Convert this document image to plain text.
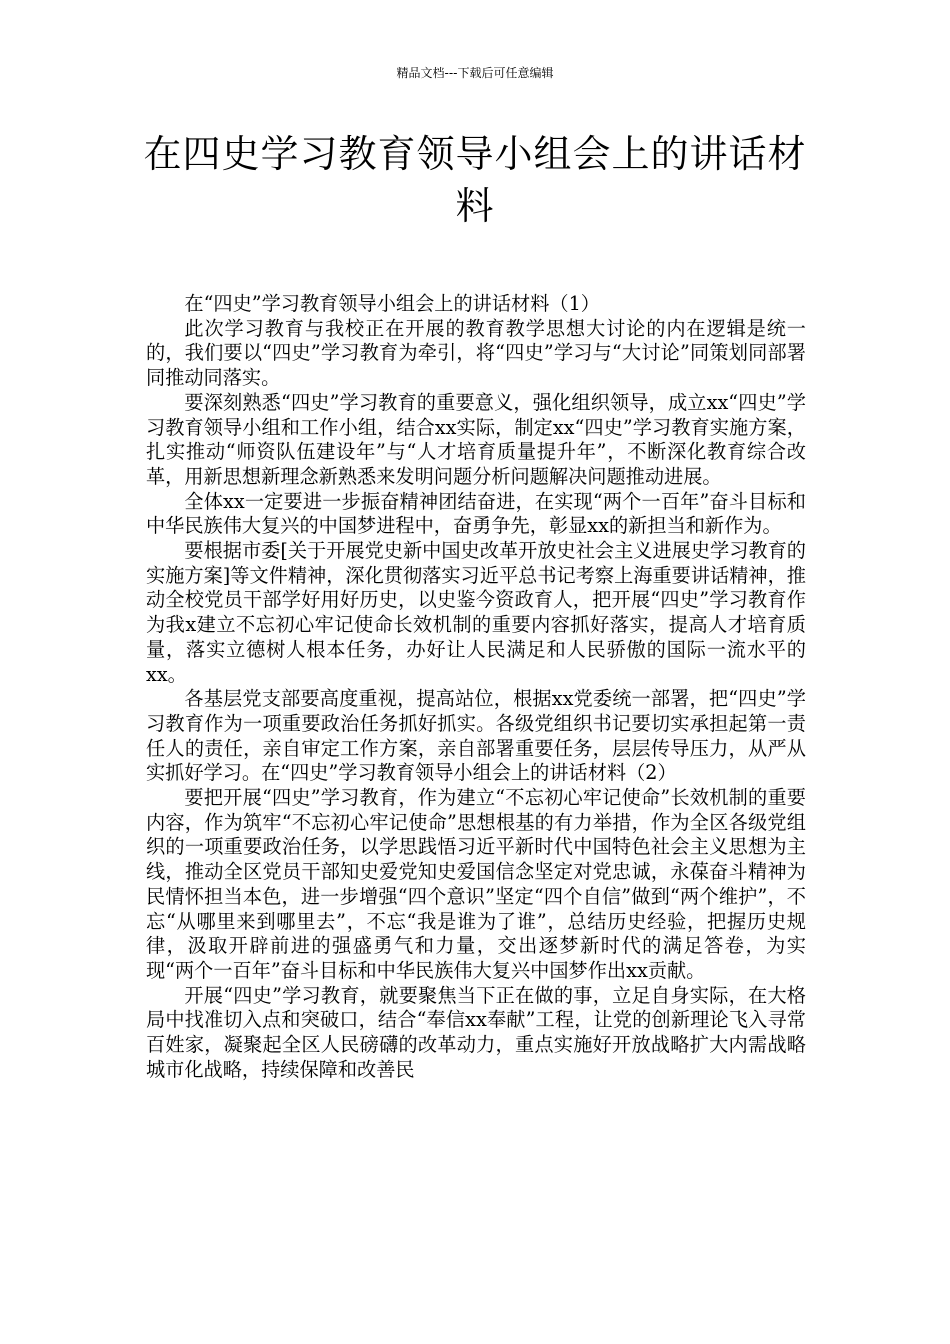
精品文档---下载后可任意编辑
在四史学习教育领导小组会上的讲话材料

在“四史”学习教育领导小组会上的讲话材料（1）

此次学习教育与我校正在开展的教育教学思想大讨论的内在逻辑是统一的，我们要以“四史”学习教育为牵引，将“四史”学习与“大讨论”同策划同部署同推动同落实。

要深刻熟悉“四史”学习教育的重要意义，强化组织领导，成立xx“四史”学习教育领导小组和工作小组，结合xx实际，制定xx“四史”学习教育实施方案，扎实推动“师资队伍建设年”与“人才培育质量提升年”，不断深化教育综合改革，用新思想新理念新熟悉来发明问题分析问题解决问题推动进展。

全体xx一定要进一步振奋精神团结奋进，在实现“两个一百年”奋斗目标和中华民族伟大复兴的中国梦进程中，奋勇争先，彰显xx的新担当和新作为。

要根据市委[关于开展党史新中国史改革开放史社会主义进展史学习教育的实施方案]等文件精神，深化贯彻落实习近平总书记考察上海重要讲话精神，推动全校党员干部学好用好历史，以史鉴今资政育人，把开展“四史”学习教育作为我x建立不忘初心牢记使命长效机制的重要内容抓好落实，提高人才培育质量，落实立德树人根本任务，办好让人民满足和人民骄傲的国际一流水平的xx。

各基层党支部要高度重视，提高站位，根据xx党委统一部署，把“四史”学习教育作为一项重要政治任务抓好抓实。各级党组织书记要切实承担起第一责任人的责任，亲自审定工作方案，亲自部署重要任务，层层传导压力，从严从实抓好学习。在“四史”学习教育领导小组会上的讲话材料（2）

要把开展“四史”学习教育，作为建立“不忘初心牢记使命”长效机制的重要内容，作为筑牢“不忘初心牢记使命”思想根基的有力举措，作为全区各级党组织的一项重要政治任务，以学思践悟习近平新时代中国特色社会主义思想为主线，推动全区党员干部知史爱党知史爱国信念坚定对党忠诚，永葆奋斗精神为民情怀担当本色，进一步增强“四个意识”坚定“四个自信”做到“两个维护”，不忘“从哪里来到哪里去”，不忘“我是谁为了谁”，总结历史经验，把握历史规律，汲取开辟前进的强盛勇气和力量，交出逐梦新时代的满足答卷，为实现“两个一百年”奋斗目标和中华民族伟大复兴中国梦作出xx贡献。

开展“四史”学习教育，就要聚焦当下正在做的事，立足自身实际，在大格局中找准切入点和突破口，结合“奉信xx奉献”工程，让党的创新理论飞入寻常百姓家，凝聚起全区人民磅礴的改革动力，重点实施好开放战略扩大内需战略城市化战略，持续保障和改善民
